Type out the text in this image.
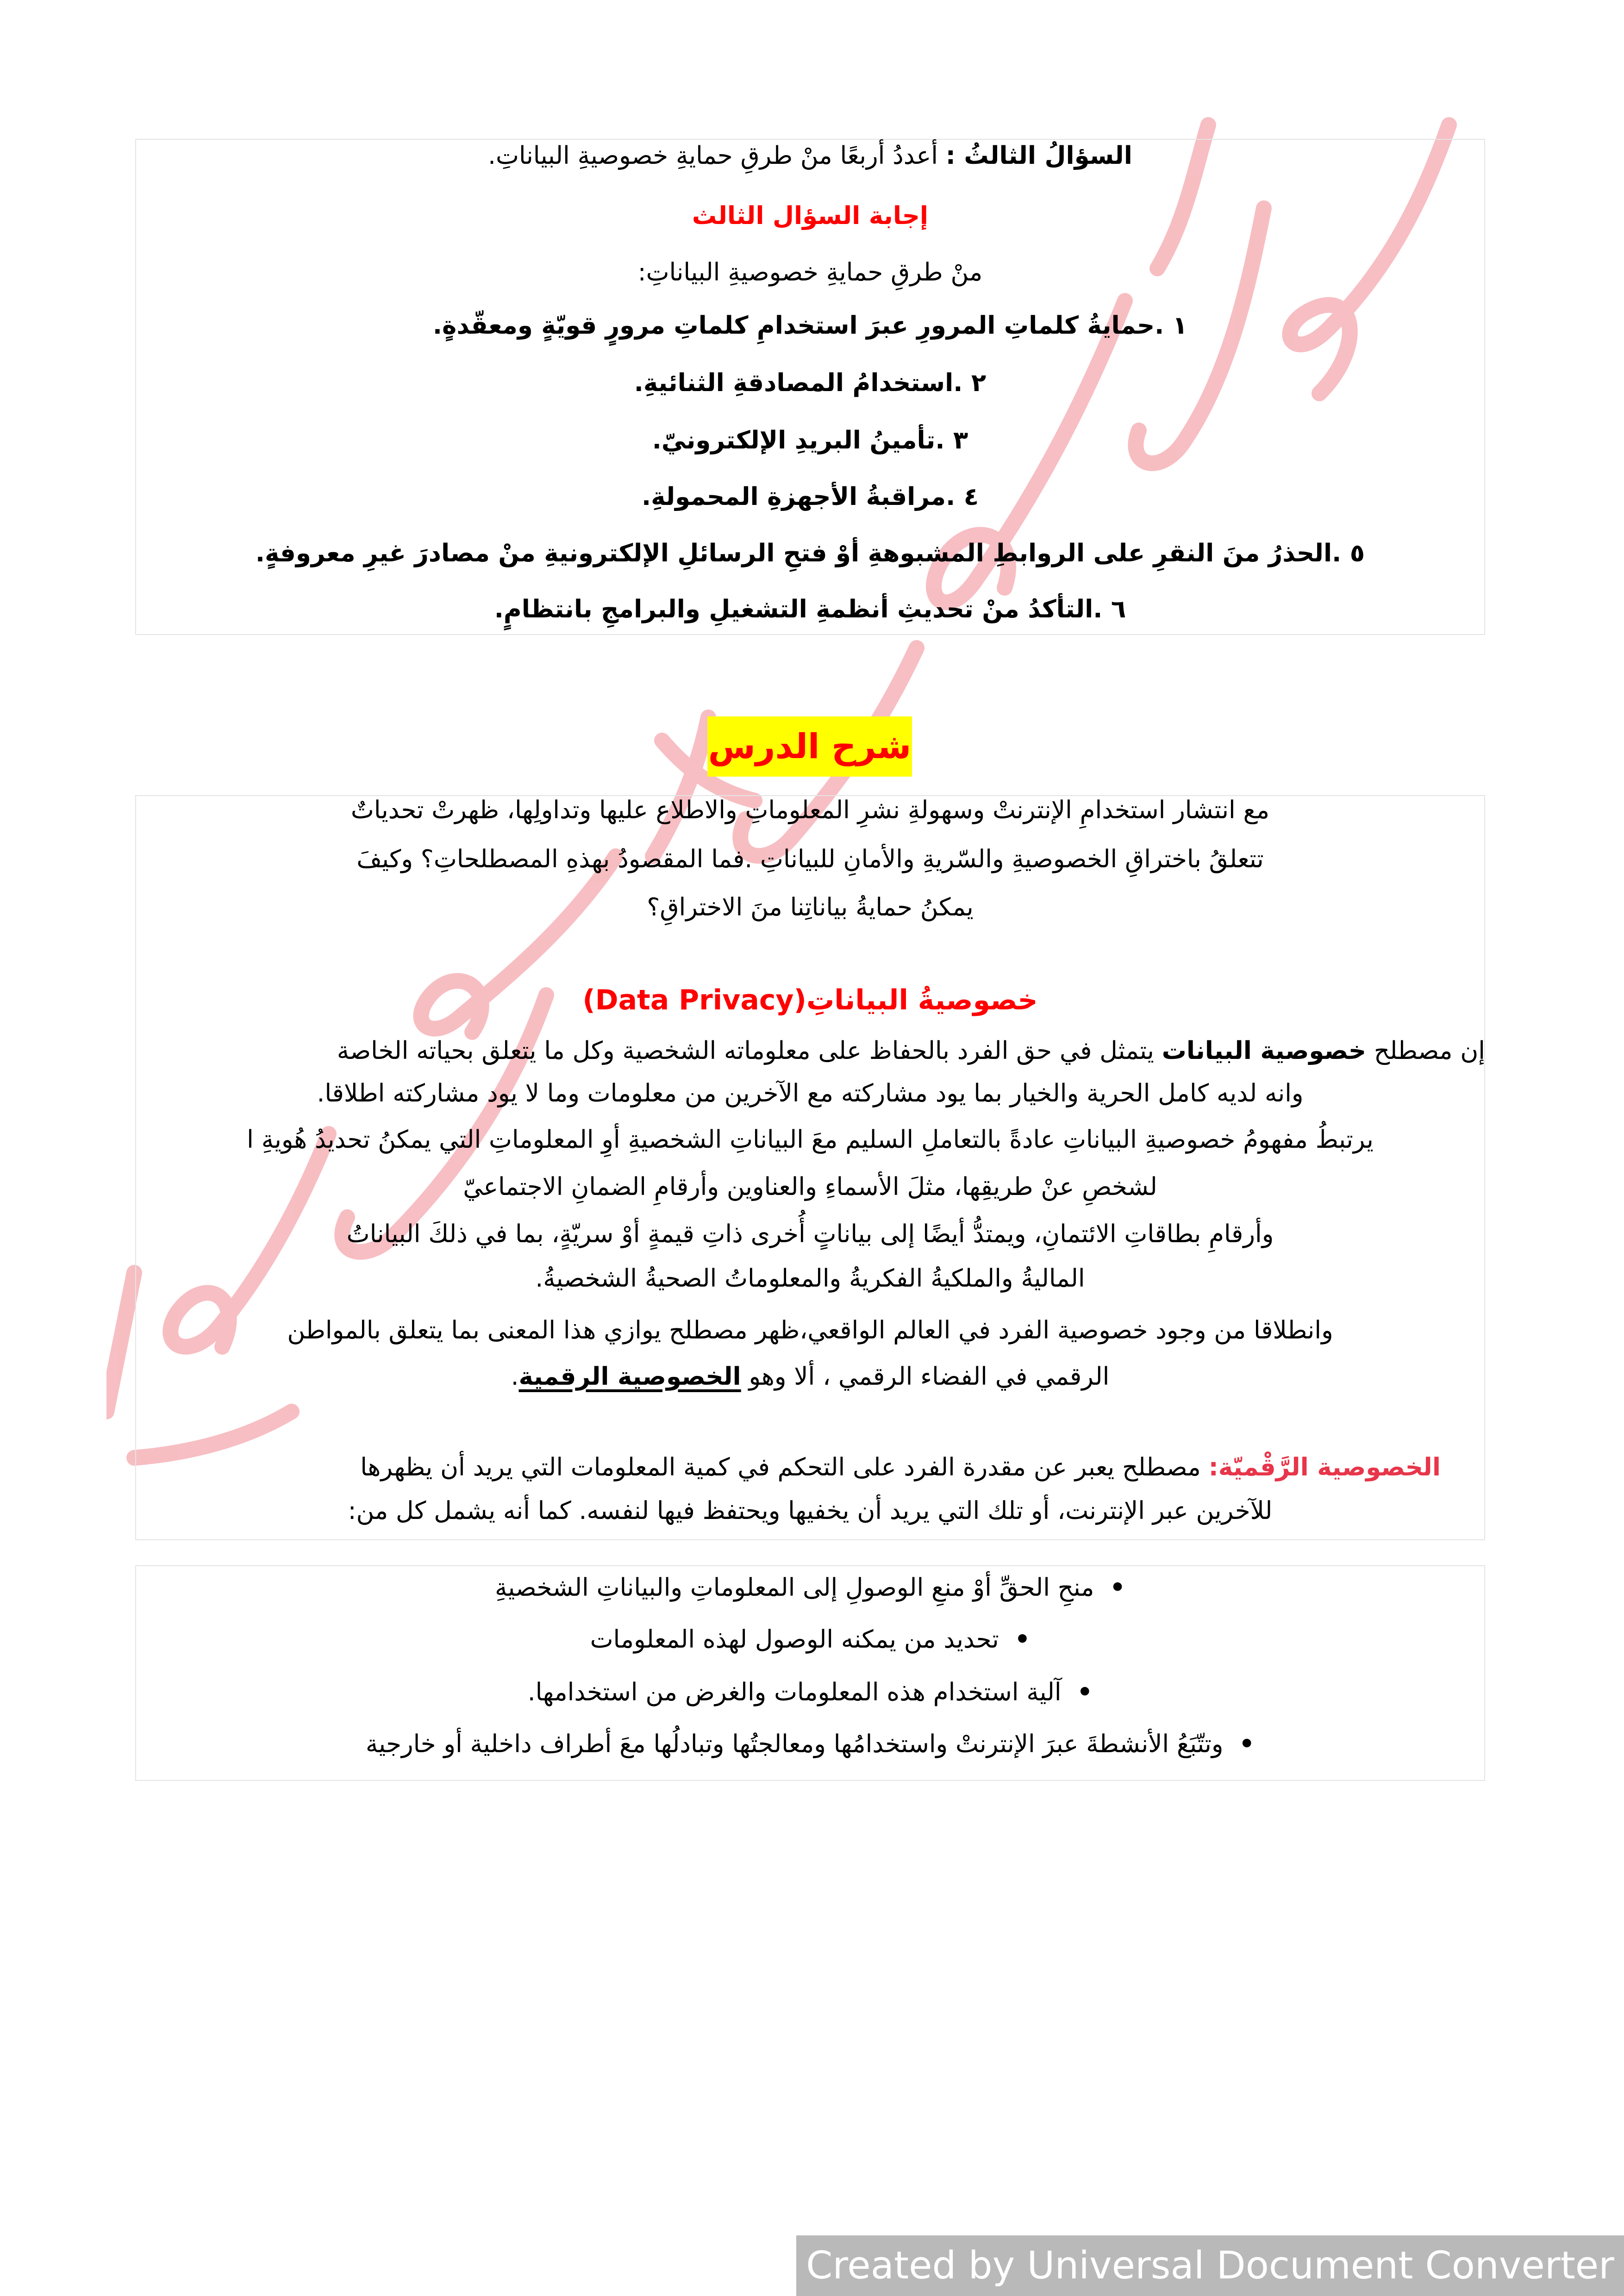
السؤالُ الثالثُ : أعددُ أربعًا منْ طرقِ حمايةِ خصوصيةِ البياناتِ.
إجابة السؤال الثالث
منْ طرقِ حمايةِ خصوصيةِ البياناتِ:
١ .حمايةُ كلماتِ المرورِ عبرَ استخدامِ كلماتِ مرورٍ قويّةٍ ومعقّدةٍ.
٢ .استخدامُ المصادقةِ الثنائيةِ.
٣ .تأمينُ البريدِ الإلكترونيّ.
٤ .مراقبةُ الأجهزةِ المحمولةِ.
٥ .الحذرُ منَ النقرِ على الروابطِ المشبوهةِ أوْ فتحِ الرسائلِ الإلكترونيةِ منْ مصادرَ غيرِ معروفةٍ.
٦ .التأكدُ منْ تحديثِ أنظمةِ التشغيلِ والبرامجِ بانتظامٍ.
شرح الدرس
مع انتشار استخدامِ الإنترنتْ وسهولةِ نشرِ المعلوماتِ والاطلاع عليها وتداولِها، ظهرتْ تحدياتٌ
تتعلقُ باختراقِ الخصوصيةِ والسّريةِ والأمانِ للبياناتِ .فما المقصودُ بهذهِ المصطلحاتِ؟ وكيفَ
يمكنُ حمايةُ بياناتِنا منَ الاختراقِ؟
خصوصيةُ البياناتِ(Data Privacy)
إن مصطلح خصوصية البيانات يتمثل في حق الفرد بالحفاظ على معلوماته الشخصية وكل ما يتعلق بحياته الخاصة
وانه لديه كامل الحرية والخيار بما يود مشاركته مع الآخرين من معلومات وما لا يود مشاركته اطلاقا.
يرتبطُ مفهومُ خصوصيةِ البياناتِ عادةً بالتعاملِ السليم معَ البياناتِ الشخصيةِ أوِ المعلوماتِ التي يمكنُ تحديدُ هُويةِ ا
لشخصِ عنْ طريقِها، مثلَ الأسماءِ والعناوين وأرقامِ الضمانِ الاجتماعيّ
وأرقامِ بطاقاتِ الائتمانِ، ويمتدُّ أيضًا إلى بياناتٍ أُخرى ذاتِ قيمةٍ أوْ سريّةٍ، بما في ذلكَ البياناتُ
الماليةُ والملكيةُ الفكريةُ والمعلوماتُ الصحيةُ الشخصيةُ.
وانطلاقا من وجود خصوصية الفرد في العالم الواقعي،ظهر مصطلح يوازي هذا المعنى بما يتعلق بالمواطن
الرقمي في الفضاء الرقمي ، ألا وهو الخصوصية الرقمية.
الخصوصية الرَّقْميّة: مصطلح يعبر عن مقدرة الفرد على التحكم في كمية المعلومات التي يريد أن يظهرها
للآخرين عبر الإنترنت، أو تلك التي يريد أن يخفيها ويحتفظ فيها لنفسه. كما أنه يشمل كل من:
•  منحِ الحقِّ أوْ منعِ الوصولِ إلى المعلوماتِ والبياناتِ الشخصيةِ
•  تحديد من يمكنه الوصول لهذه المعلومات
•  آلية استخدام هذه المعلومات والغرض من استخدامها.
•  وتتّبَعُ الأنشطةَ عبرَ الإنترنتْ واستخدامُها ومعالجتُها وتبادلُها معَ أطراف داخلية أو خارجية
Created by Universal Document Converter
